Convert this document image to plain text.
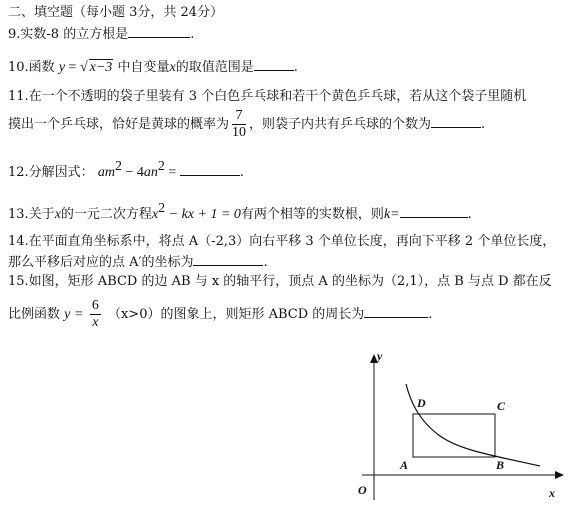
二、填空题（每小题 3分，共 24分）
9.实数-8 的立方根是	.
10.函数 y = √ x−3 中自变量x的取值范围是	.
11.在一个不透明的袋子里装有 3 个白色乒乓球和若干个黄色乒乓球，若从这个袋子里随机
摸出一个乒乓球，恰好是黄球的概率为 $\frac{7}{10}$ ，则袋子内共有乒乓球的个数为	.
12.分解因式： $am^2 - 4an^2$ =	.
13.关于x的一元二次方程$x^2$ − kx + 1 = 0有两个相等的实数根，则k=	.
14.在平面直角坐标系中，将点 A（-2,3）向右平移 3 个单位长度，再向下平移 2 个单位长度，
那么平移后对应的点 A′的坐标为	.
15.如图，矩形 ABCD 的边 AB 与 x 的轴平行，顶点 A 的坐标为（2,1），点 B 与点 D 都在反
比例函数 $y = \frac{6}{x} (x>0)$的图象上，则矩形 ABCD 的周长为	.
y
x
O
A	B
C
D
